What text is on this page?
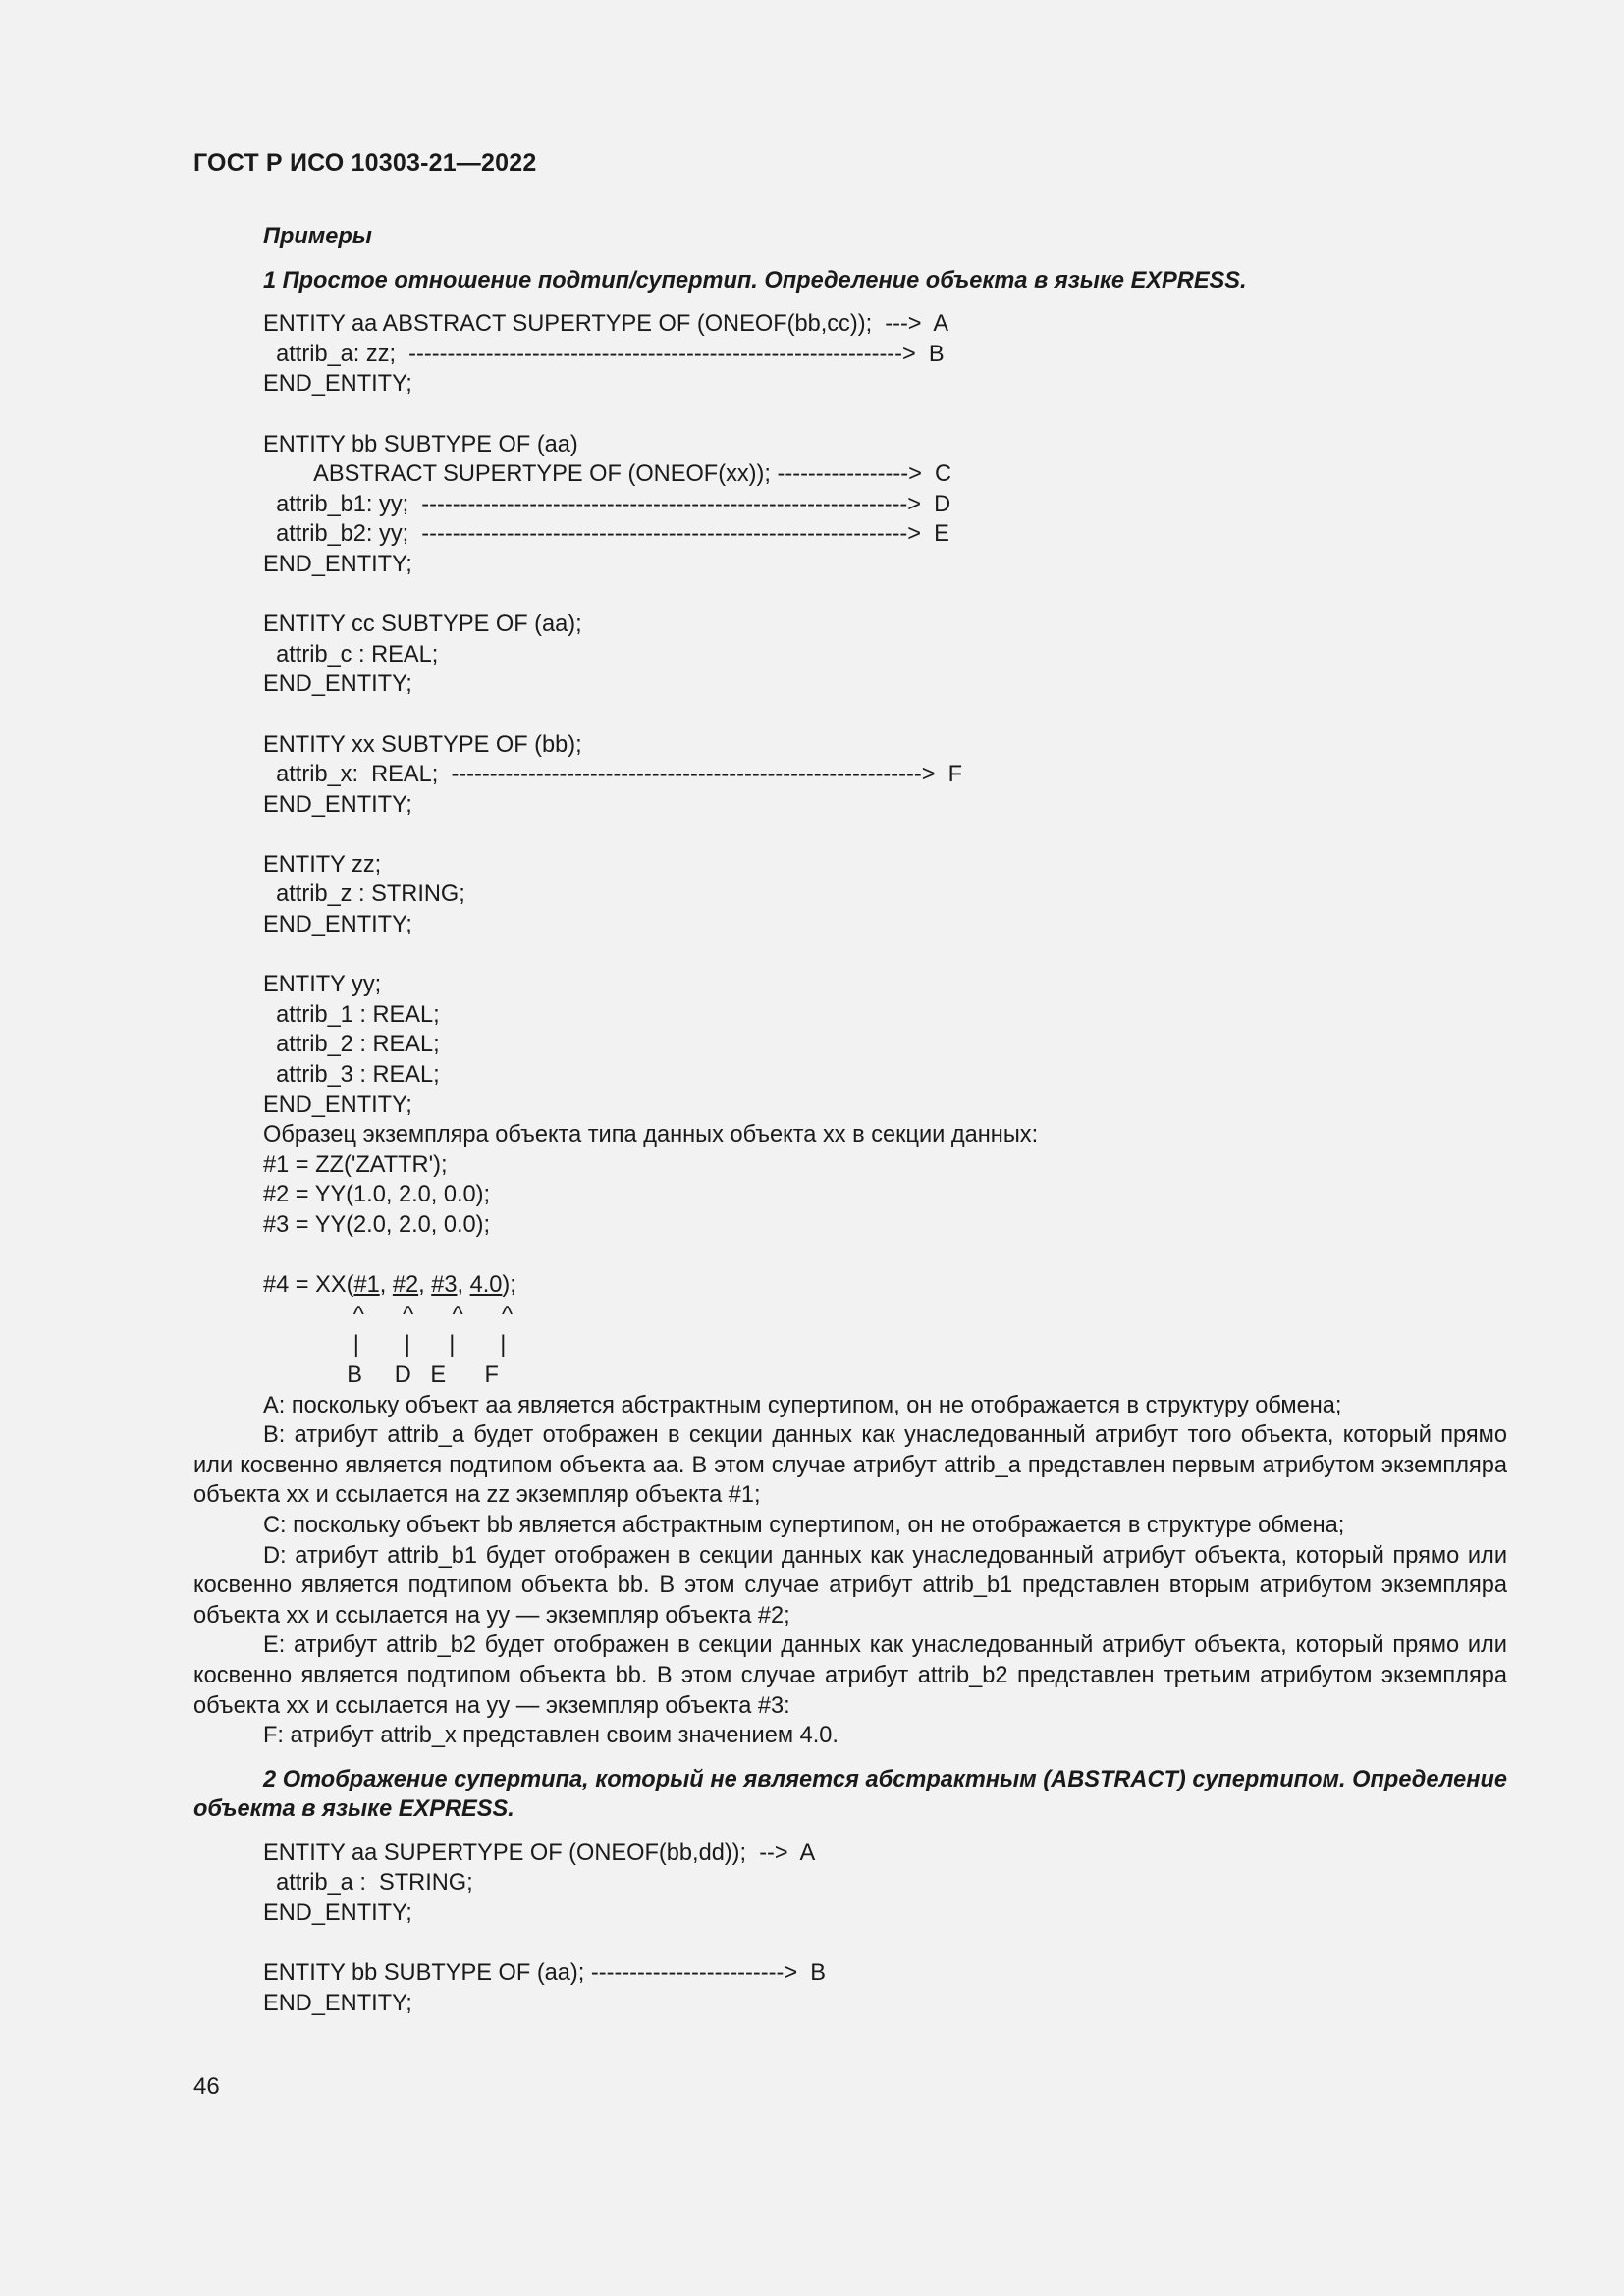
ГОСТ Р ИСО 10303-21—2022
Примеры
1 Простое отношение подтип/супертип. Определение объекта в языке EXPRESS.
ENTITY aa ABSTRACT SUPERTYPE OF (ONEOF(bb,cc));  --->  A
attrib_a: zz;  ---------------------------------------------------------------->  B
END_ENTITY;
ENTITY bb SUBTYPE OF (aa)
ABSTRACT SUPERTYPE OF (ONEOF(xx)); ----------------->  C
attrib_b1: yy;  --------------------------------------------------------------->  D
attrib_b2: yy;  --------------------------------------------------------------->  E
END_ENTITY;
ENTITY cc SUBTYPE OF (aa);
attrib_c : REAL;
END_ENTITY;
ENTITY xx SUBTYPE OF (bb);
attrib_x:  REAL;  ------------------------------------------------------------->  F
END_ENTITY;
ENTITY zz;
attrib_z : STRING;
END_ENTITY;
ENTITY yy;
attrib_1 : REAL;
attrib_2 : REAL;
attrib_3 : REAL;
END_ENTITY;
Образец экземпляра объекта типа данных объекта xx в секции данных:
#1 = ZZ('ZATTR');
#2 = YY(1.0, 2.0, 0.0);
#3 = YY(2.0, 2.0, 0.0);
#4 = XX(#1, #2, #3, 4.0);
^      ^      ^      ^
|       |      |       |
B     D   E      F
A: поскольку объект aa является абстрактным супертипом, он не отображается в структуру обмена;
B: атрибут attrib_a будет отображен в секции данных как унаследованный атрибут того объекта, который прямо или косвенно является подтипом объекта aa. В этом случае атрибут attrib_a представлен первым атрибутом экземпляра объекта xx и ссылается на zz экземпляр объекта #1;
C: поскольку объект bb является абстрактным супертипом, он не отображается в структуре обмена;
D: атрибут attrib_b1 будет отображен в секции данных как унаследованный атрибут объекта, который прямо или косвенно является подтипом объекта bb. В этом случае атрибут attrib_b1 представлен вторым атрибутом экземпляра объекта xx и ссылается на yy — экземпляр объекта #2;
E: атрибут attrib_b2 будет отображен в секции данных как унаследованный атрибут объекта, который прямо или косвенно является подтипом объекта bb. В этом случае атрибут attrib_b2 представлен третьим атрибутом экземпляра объекта xx и ссылается на yy — экземпляр объекта #3:
F: атрибут attrib_x представлен своим значением 4.0.
2 Отображение супертипа, который не является абстрактным (ABSTRACT) супертипом. Определение объекта в языке EXPRESS.
ENTITY aa SUPERTYPE OF (ONEOF(bb,dd));  -->  A
attrib_a :  STRING;
END_ENTITY;
ENTITY bb SUBTYPE OF (aa); ------------------------->  B
END_ENTITY;
46
